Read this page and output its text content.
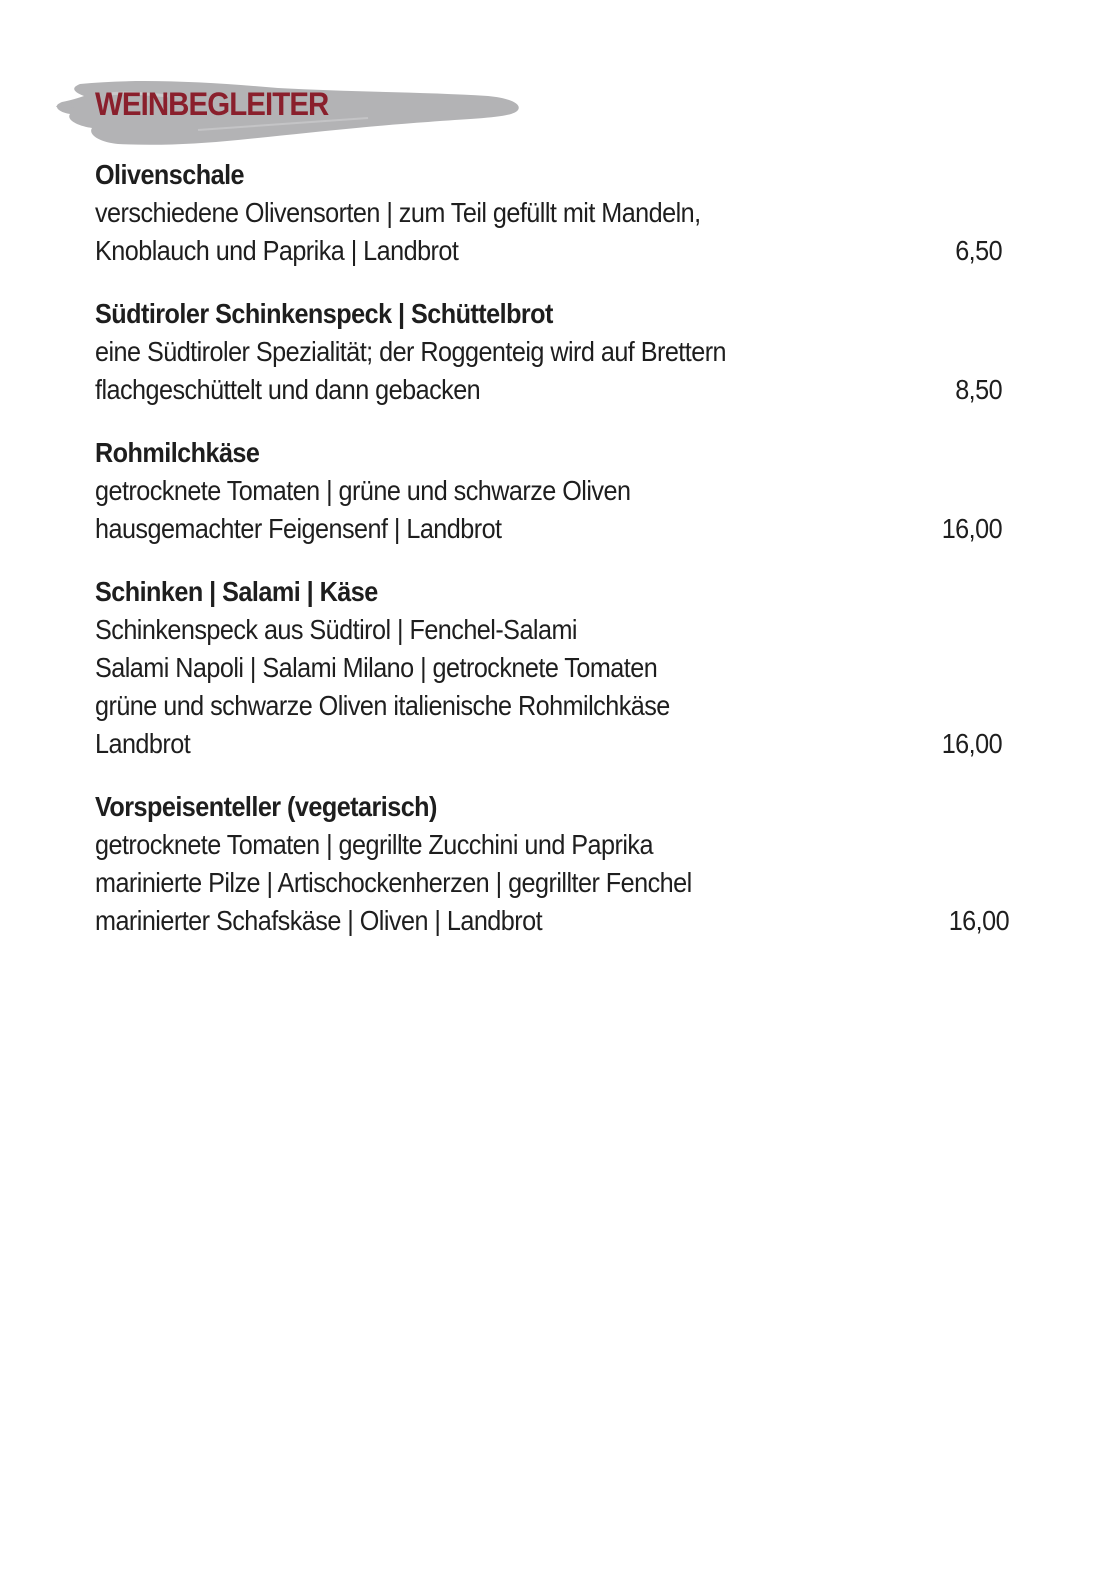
WEINBEGLEITER
Olivenschale
verschiedene Olivensorten | zum Teil gefüllt mit Mandeln,
Knoblauch und Paprika | Landbrot	6,50
Südtiroler Schinkenspeck | Schüttelbrot
eine Südtiroler Spezialität; der Roggenteig wird auf Brettern
flachgeschüttelt und dann gebacken	8,50
Rohmilchkäse
getrocknete Tomaten | grüne und schwarze Oliven
hausgemachter Feigensenf | Landbrot	16,00
Schinken | Salami | Käse
Schinkenspeck aus Südtirol | Fenchel-Salami
Salami Napoli | Salami Milano | getrocknete Tomaten
grüne und schwarze Oliven italienische Rohmilchkäse
Landbrot	16,00
Vorspeisenteller (vegetarisch)
getrocknete Tomaten | gegrillte Zucchini und Paprika
marinierte Pilze | Artischockenherzen | gegrillter Fenchel
marinierter Schafskäse | Oliven | Landbrot	16,00
